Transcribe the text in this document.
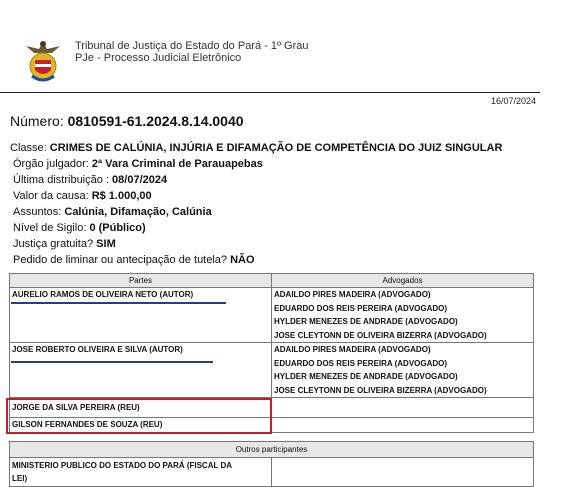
Tribunal de Justiça do Estado do Pará - 1º Grau
PJe - Processo Judicial Eletrônico
16/07/2024
Número: 0810591-61.2024.8.14.0040
Classe: CRIMES DE CALÚNIA, INJÚRIA E DIFAMAÇÃO DE COMPETÊNCIA DO JUIZ SINGULAR
Órgão julgador: 2ª Vara Criminal de Parauapebas
Última distribuição : 08/07/2024
Valor da causa: R$ 1.000,00
Assuntos: Calúnia, Difamação, Calúnia
Nível de Sigilo: 0 (Público)
Justiça gratuita? SIM
Pedido de liminar ou antecipação de tutela? NÃO
Partes	Advogados

AURELIO RAMOS DE OLIVEIRA NETO (AUTOR)	ADAILDO PIRES MADEIRA (ADVOGADO)
EDUARDO DOS REIS PEREIRA (ADVOGADO)
HYLDER MENEZES DE ANDRADE (ADVOGADO)
JOSE CLEYTONN DE OLIVEIRA BIZERRA (ADVOGADO)

JOSE ROBERTO OLIVEIRA E SILVA (AUTOR)	ADAILDO PIRES MADEIRA (ADVOGADO)
EDUARDO DOS REIS PEREIRA (ADVOGADO)
HYLDER MENEZES DE ANDRADE (ADVOGADO)
JOSE CLEYTONN DE OLIVEIRA BIZERRA (ADVOGADO)

JORGE DA SILVA PEREIRA (REU)	

GILSON FERNANDES DE SOUZA (REU)	

Outros participantes

MINISTERIO PUBLICO DO ESTADO DO PARÁ (FISCAL DA
LEI)
